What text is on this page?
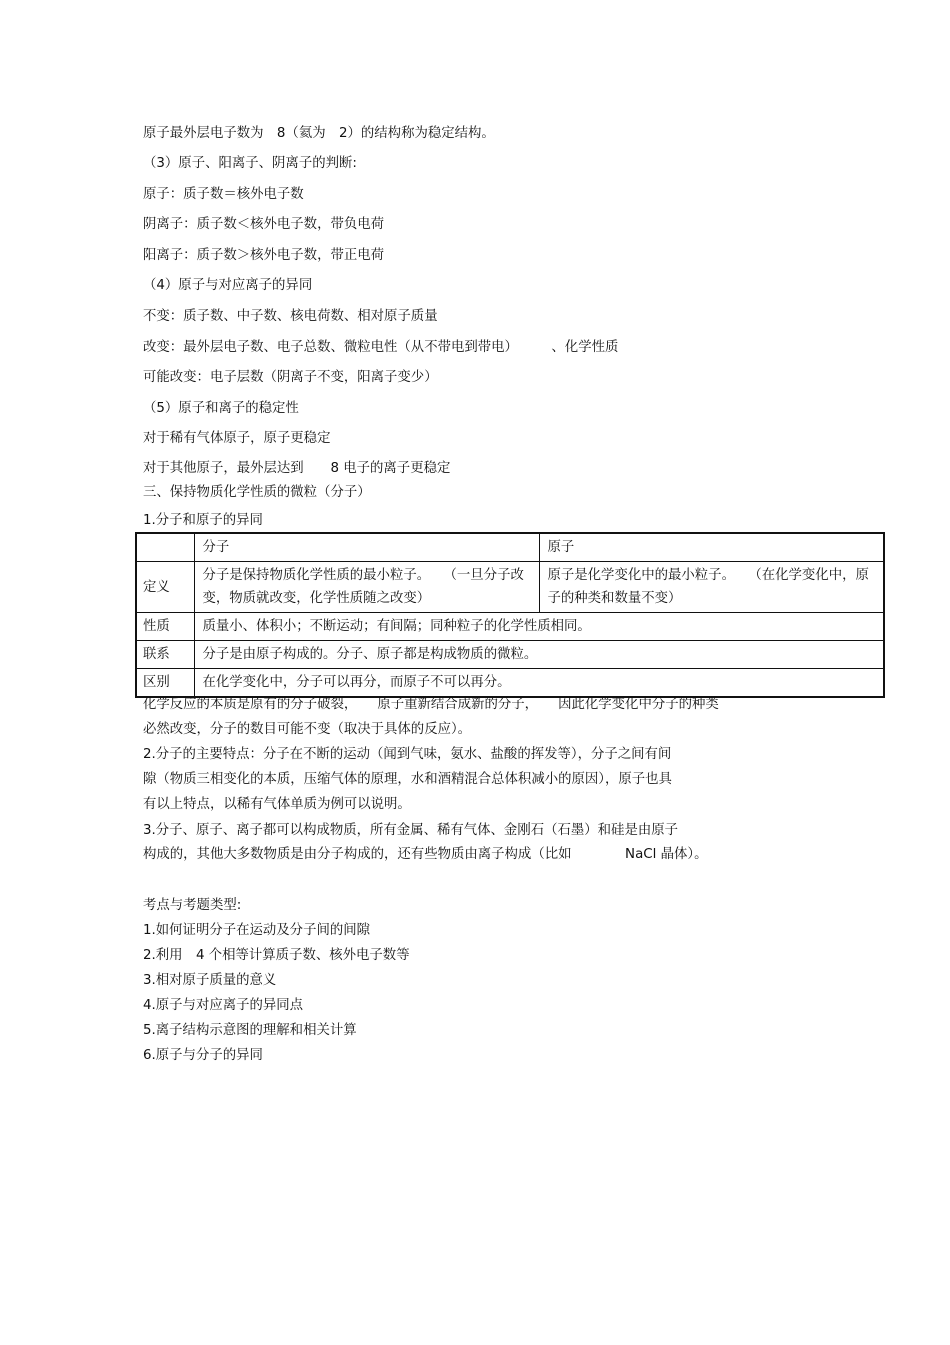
原子最外层电子数为　8（氦为　2）的结构称为稳定结构。

（3）原子、阳离子、阴离子的判断:

原子：质子数＝核外电子数

阴离子：质子数＜核外电子数，带负电荷

阳离子：质子数＞核外电子数，带正电荷

（4）原子与对应离子的异同

不变：质子数、中子数、核电荷数、相对原子质量

改变：最外层电子数、电子总数、微粒电性（从不带电到带电）　　　、化学性质

可能改变：电子层数（阴离子不变，阳离子变少）

（5）原子和离子的稳定性

对于稀有气体原子，原子更稳定

对于其他原子，最外层达到　　8 电子的离子更稳定

三、保持物质化学性质的微粒（分子）

1.分子和原子的异同

	分子	原子
定义	分子是保持物质化学性质的最小粒子。　　（一旦分子改变，物质就改变，化学性质随之改变）	原子是化学变化中的最小粒子。　　（在化学变化中，原子的种类和数量不变）
性质	质量小、体积小；不断运动；有间隔；同种粒子的化学性质相同。	
联系	分子是由原子构成的。分子、原子都是构成物质的微粒。	
区别	在化学变化中，分子可以再分，而原子不可以再分。	

化学反应的本质是原有的分子破裂，　　原子重新结合成新的分子，　　因此化学变化中分子的种类

必然改变，分子的数目可能不变（取决于具体的反应）。

2.分子的主要特点：分子在不断的运动（闻到气味，氨水、盐酸的挥发等），分子之间有间

隙（物质三相变化的本质，压缩气体的原理，水和酒精混合总体积减小的原因），原子也具

有以上特点，以稀有气体单质为例可以说明。

3.分子、原子、离子都可以构成物质，所有金属、稀有气体、金刚石（石墨）和硅是由原子

构成的，其他大多数物质是由分子构成的，还有些物质由离子构成（比如　　　　NaCl 晶体）。

考点与考题类型:

1.如何证明分子在运动及分子间的间隙

2.利用　4 个相等计算质子数、核外电子数等

3.相对原子质量的意义

4.原子与对应离子的异同点

5.离子结构示意图的理解和相关计算

6.原子与分子的异同
